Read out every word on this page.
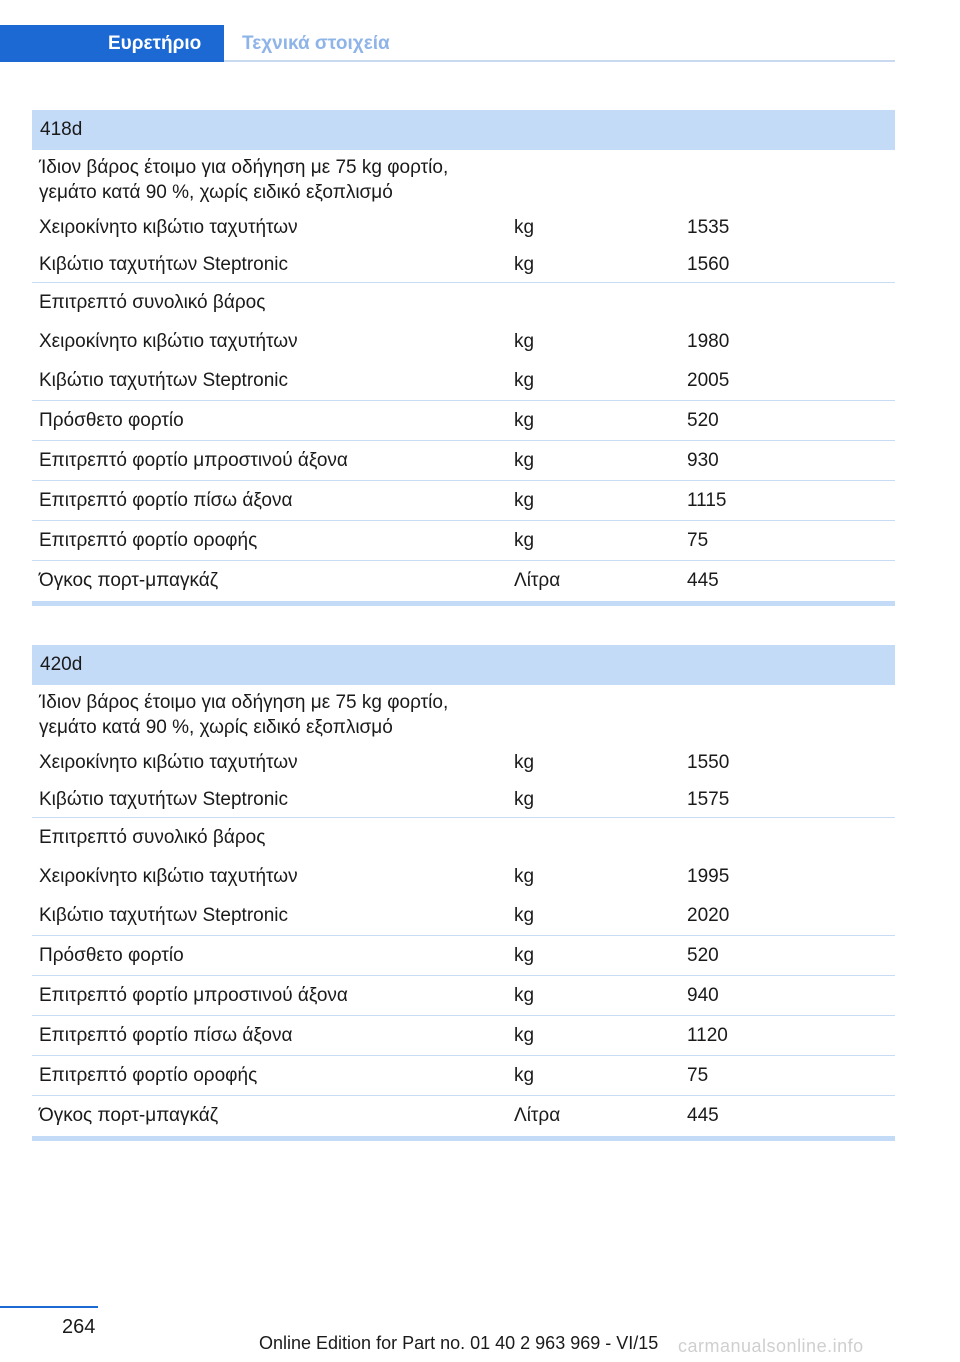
Ευρετήριο Τεχνικά στοιχεία
418d
Ίδιον βάρος έτοιμο για οδήγηση με 75 kg φορτίο,
γεμάτο κατά 90 %, χωρίς ειδικό εξοπλισμό
Χειροκίνητο κιβώτιο ταχυτήτων	kg	1535
Κιβώτιο ταχυτήτων Steptronic	kg	1560
Επιτρεπτό συνολικό βάρος
Χειροκίνητο κιβώτιο ταχυτήτων	kg	1980
Κιβώτιο ταχυτήτων Steptronic	kg	2005
Πρόσθετο φορτίο	kg	520
Επιτρεπτό φορτίο μπροστινού άξονα	kg	930
Επιτρεπτό φορτίο πίσω άξονα	kg	1115
Επιτρεπτό φορτίο οροφής	kg	75
Όγκος πορτ-μπαγκάζ	Λίτρα	445
420d
Ίδιον βάρος έτοιμο για οδήγηση με 75 kg φορτίο,
γεμάτο κατά 90 %, χωρίς ειδικό εξοπλισμό
Χειροκίνητο κιβώτιο ταχυτήτων	kg	1550
Κιβώτιο ταχυτήτων Steptronic	kg	1575
Επιτρεπτό συνολικό βάρος
Χειροκίνητο κιβώτιο ταχυτήτων	kg	1995
Κιβώτιο ταχυτήτων Steptronic	kg	2020
Πρόσθετο φορτίο	kg	520
Επιτρεπτό φορτίο μπροστινού άξονα	kg	940
Επιτρεπτό φορτίο πίσω άξονα	kg	1120
Επιτρεπτό φορτίο οροφής	kg	75
Όγκος πορτ-μπαγκάζ	Λίτρα	445
264
Online Edition for Part no. 01 40 2 963 969 - VI/15 carmanualsonline.info
